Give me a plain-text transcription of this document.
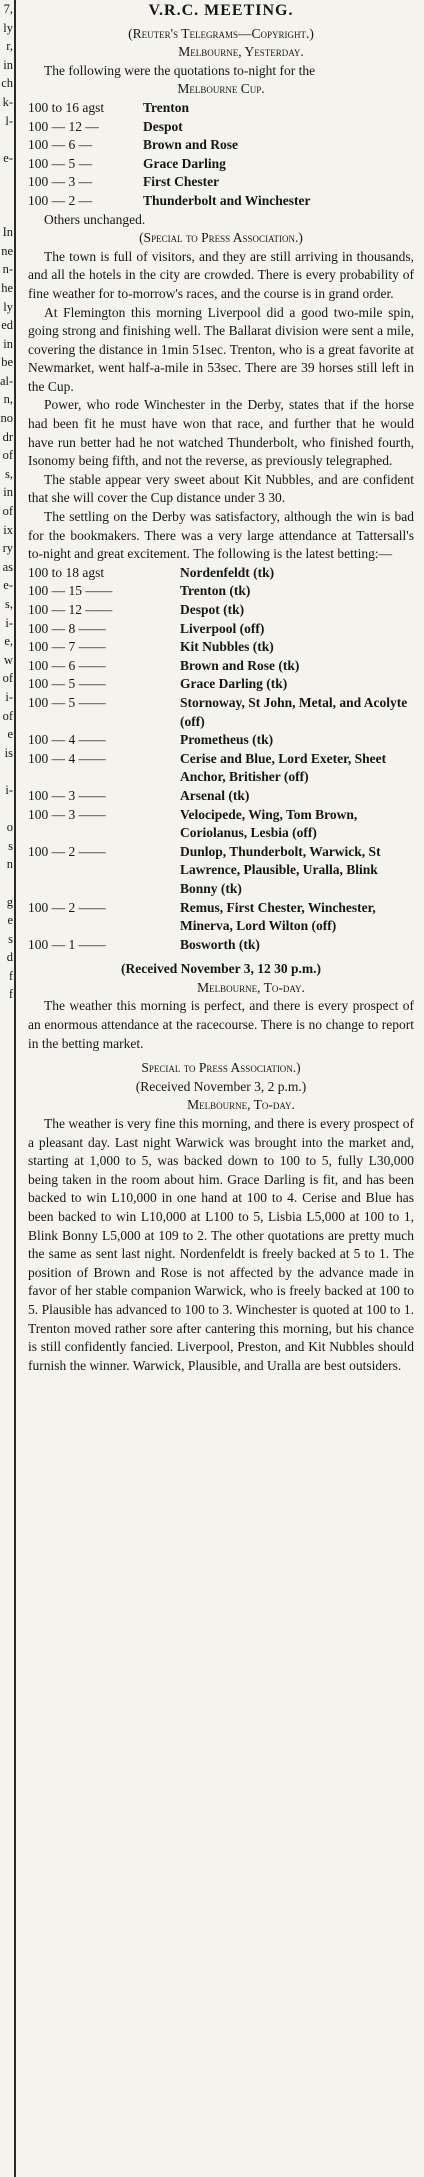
7,
ly
r,
in
ch
k-
l-
e-
In
ne
n-
he
ly
ed
in
be
al-
n,
no
dr
of
s,
in
of
ix
ry
as
e-
s,
i-
e,
w
of
i-
of
e
is
i-
o
s
n
g
e
s
d
f
f
V.R.C. MEETING.
(Reuter's Telegrams—Copyright.)
Melbourne, Yesterday.

The following were the quotations to-night for the

Melbourne Cup.
100 to 16 agst	Trenton
100 — 12 —	Despot
100 — 6 —	Brown and Rose
100 — 5 —	Grace Darling
100 — 3 —	First Chester
100 — 2 —	Thunderbolt and Winchester

Others unchanged.

(Special to Press Association.)

The town is full of visitors, and they are still arriving in thousands, and all the hotels in the city are crowded. There is every probability of fine weather for to-morrow's races, and the course is in grand order.

At Flemington this morning Liverpool did a good two-mile spin, going strong and finishing well. The Ballarat division were sent a mile, covering the distance in 1min 51sec. Trenton, who is a great favorite at Newmarket, went half-a-mile in 53sec. There are 39 horses still left in the Cup.

Power, who rode Winchester in the Derby, states that if the horse had been fit he must have won that race, and further that he would have run better had he not watched Thunderbolt, who finished fourth, Isonomy being fifth, and not the reverse, as previously telegraphed.

The stable appear very sweet about Kit Nubbles, and are confident that she will cover the Cup distance under 3 30.

The settling on the Derby was satisfactory, although the win is bad for the bookmakers. There was a very large attendance at Tattersall's to-night and great excitement. The following is the latest betting:—

100 to 18 agst	Nordenfeldt (tk)
100 — 15 ——	Trenton (tk)
100 — 12 ——	Despot (tk)
100 — 8 ——	Liverpool (off)
100 — 7 ——	Kit Nubbles (tk)
100 — 6 ——	Brown and Rose (tk)
100 — 5 ——	Grace Darling (tk)
100 — 5 ——	Stornoway, St John, Metal, and Acolyte (off)
100 — 4 ——	Prometheus (tk)
100 — 4 ——	Cerise and Blue, Lord Exeter, Sheet Anchor, Britisher (off)
100 — 3 ——	Arsenal (tk)
100 — 3 ——	Velocipede, Wing, Tom Brown, Coriolanus, Lesbia (off)
100 — 2 ——	Dunlop, Thunderbolt, Warwick, St Lawrence, Plausible, Uralla, Blink Bonny (tk)
100 — 2 ——	Remus, First Chester, Winchester, Minerva, Lord Wilton (off)
100 — 1 ——	Bosworth (tk)
(Received November 3, 12 30 p.m.)
Melbourne, To-day.

The weather this morning is perfect, and there is every prospect of an enormous attendance at the racecourse. There is no change to report in the betting market.

Special to Press Association.)
(Received November 3, 2 p.m.)
Melbourne, To-day.

The weather is very fine this morning, and there is every prospect of a pleasant day. Last night Warwick was brought into the market and, starting at 1,000 to 5, was backed down to 100 to 5, fully L30,000 being taken in the room about him. Grace Darling is fit, and has been backed to win L10,000 in one hand at 100 to 4. Cerise and Blue has been backed to win L10,000 at L100 to 5, Lisbia L5,000 at 100 to 1, Blink Bonny L5,000 at 109 to 2. The other quotations are pretty much the same as sent last night. Nordenfeldt is freely backed at 5 to 1. The position of Brown and Rose is not affected by the advance made in favor of her stable companion Warwick, who is freely backed at 100 to 5. Plausible has advanced to 100 to 3. Winchester is quoted at 100 to 1. Trenton moved rather sore after cantering this morning, but his chance is still confidently fancied. Liverpool, Preston, and Kit Nubbles should furnish the winner. Warwick, Plausible, and Uralla are best outsiders.
